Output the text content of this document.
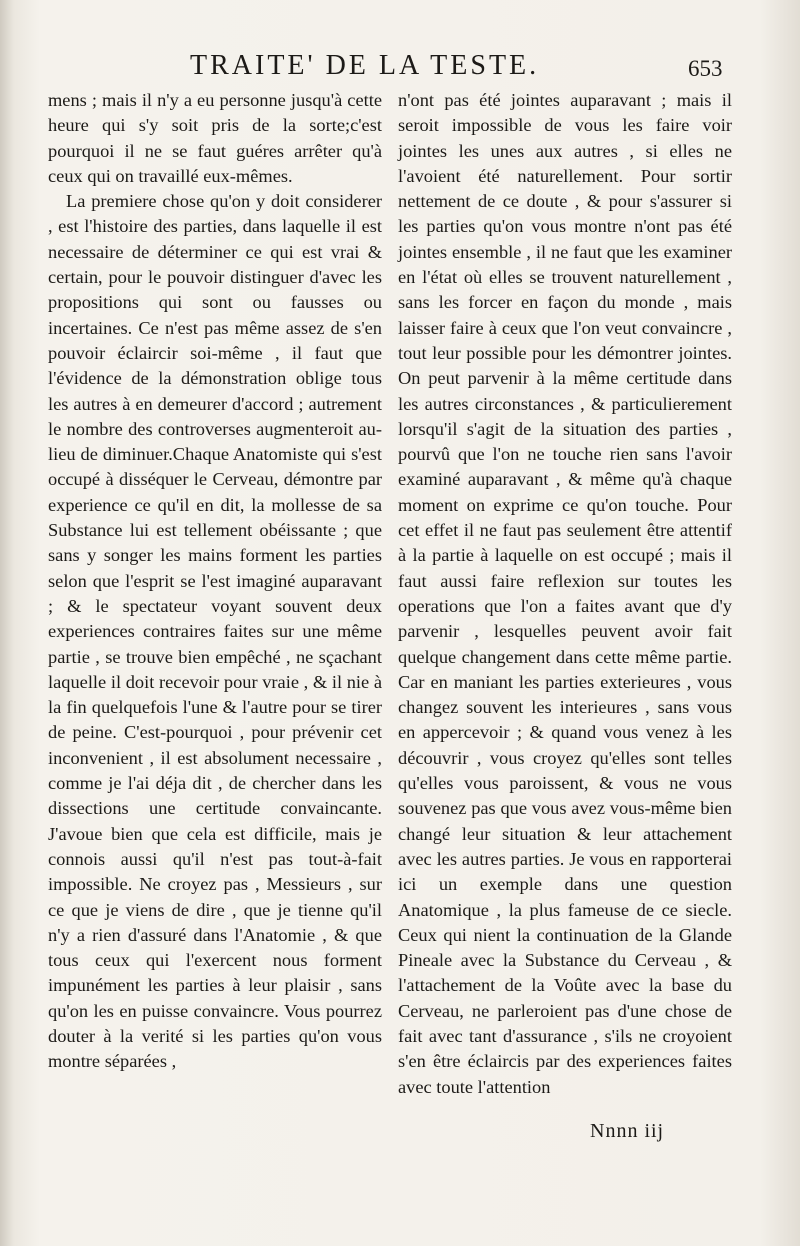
TRAITE' DE LA TESTE.	653

mens ; mais il n'y a eu personne jusqu'à cette heure qui s'y soit pris de la sorte;c'est pourquoi il ne se faut guéres arrêter qu'à ceux qui on travaillé eux-mêmes.

La premiere chose qu'on y doit considerer , est l'histoire des parties, dans laquelle il est necessaire de déterminer ce qui est vrai & certain, pour le pouvoir distinguer d'avec les propositions qui sont ou fausses ou incertaines. Ce n'est pas même assez de s'en pouvoir éclaircir soi-même , il faut que l'évidence de la démonstration oblige tous les autres à en demeurer d'accord ; autrement le nombre des controverses augmenteroit au-lieu de diminuer.Chaque Anatomiste qui s'est occupé à disséquer le Cerveau, démontre par experience ce qu'il en dit, la mollesse de sa Substance lui est tellement obéissante ; que sans y songer les mains forment les parties selon que l'esprit se l'est imaginé auparavant ; & le spectateur voyant souvent deux experiences contraires faites sur une même partie , se trouve bien empêché , ne sçachant laquelle il doit recevoir pour vraie , & il nie à la fin quelquefois l'une & l'autre pour se tirer de peine. C'est-pourquoi , pour prévenir cet inconvenient , il est absolument necessaire , comme je l'ai déja dit , de chercher dans les dissections une certitude convaincante. J'avoue bien que cela est difficile, mais je connois aussi qu'il n'est pas tout-à-fait impossible. Ne croyez pas , Messieurs , sur ce que je viens de dire , que je tienne qu'il n'y a rien d'assuré dans l'Anatomie , & que tous ceux qui l'exercent nous forment impunément les parties à leur plaisir , sans qu'on les en puisse convaincre. Vous pourrez douter à la verité si les parties qu'on vous montre séparées ,

n'ont pas été jointes auparavant ; mais il seroit impossible de vous les faire voir jointes les unes aux autres , si elles ne l'avoient été naturellement. Pour sortir nettement de ce doute , & pour s'assurer si les parties qu'on vous montre n'ont pas été jointes ensemble , il ne faut que les examiner en l'état où elles se trouvent naturellement , sans les forcer en façon du monde , mais laisser faire à ceux que l'on veut convaincre , tout leur possible pour les démontrer jointes. On peut parvenir à la même certitude dans les autres circonstances , & particulierement lorsqu'il s'agit de la situation des parties , pourvû que l'on ne touche rien sans l'avoir examiné auparavant , & même qu'à chaque moment on exprime ce qu'on touche. Pour cet effet il ne faut pas seulement être attentif à la partie à laquelle on est occupé ; mais il faut aussi faire reflexion sur toutes les operations que l'on a faites avant que d'y parvenir , lesquelles peuvent avoir fait quelque changement dans cette même partie. Car en maniant les parties exterieures , vous changez souvent les interieures , sans vous en appercevoir ; & quand vous venez à les découvrir , vous croyez qu'elles sont telles qu'elles vous paroissent, & vous ne vous souvenez pas que vous avez vous-même bien changé leur situation & leur attachement avec les autres parties. Je vous en rapporterai ici un exemple dans une question Anatomique , la plus fameuse de ce siecle. Ceux qui nient la continuation de la Glande Pineale avec la Substance du Cerveau , & l'attachement de la Voûte avec la base du Cerveau, ne parleroient pas d'une chose de fait avec tant d'assurance , s'ils ne croyoient s'en être éclaircis par des experiences faites avec toute l'attention

Nnnn iij
